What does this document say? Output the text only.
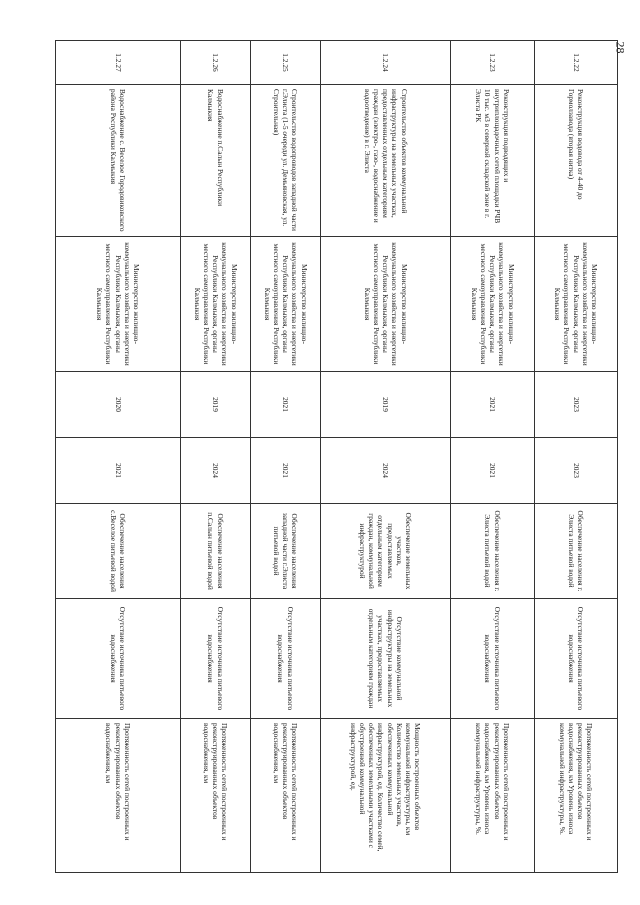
28
1.2.22	Реконструкция водовода от 4-40 до Гормолзавода (вторая нитка)	Министерство жилищно-коммунального хозяйства и энергетики Республики Калмыкия, органы местного самоуправления Республики Калмыкия	2023	2023	Обеспечение населения г. Элиста питьевой водой	Отсутствие источника питьевого водоснабжения	Протяженность сетей построенных и реконструированных объектов водоснабжения, км Уровень износа коммунальной инфраструктуры, %.
1.2.23	Реконструкция подводящих и внутриплощадочных сетей площадки РЧВ 10 тыс. м3 в северной складской зоне в г. Элиста РК	Министерство жилищно-коммунального хозяйства и энергетики Республики Калмыкия, органы местного самоуправления Республики Калмыкия	2021	2021	Обеспечение населения г. Элиста питьевой водой	Отсутствие источника питьевого водоснабжения	Протяженность сетей построенных и реконструированных объектов водоснабжения, км Уровень износа коммунальной инфраструктуры, %.
1.2.24	Строительство объектов коммунальной инфраструктуры на земельных участках, предоставленных отдельным категориям граждан (электро-, газо-, водоснабжение и водоотведение) в г. Элиста	Министерство жилищно-коммунального хозяйства и энергетики Республики Калмыкия, органы местного самоуправления Республики Калмыкия	2019	2024	Обеспечение земельных участков, предоставляемых отдельным категориям граждан, коммунальной инфраструктурой	Отсутствие коммунальной инфраструктуры на земельных участках, предоставляемых отдельным категориям граждан	Мощность построенных объектов коммунальной инфраструктуры, км Количество земельных участков, обеспеченных коммунальной инфраструктурой, ед. Количество семей, обеспеченных земельными участками с обустроенной коммунальной инфраструктурой, ед.
1.2.25	Строительство водопроводов западной части г.Элиста (1-5 очереди ул. Демьяновская, ул. Строительная)	Министерство жилищно-коммунального хозяйства и энергетики Республики Калмыкия, органы местного самоуправления Республики Калмыкия	2021	2021	Обеспечение населения западной части г.Элиста питьевой водой	Отсутствие источника питьевого водоснабжения	Протяженность сетей построенных и реконструированных объектов водоснабжения, км
1.2.26	Водоснабжение п.Салын Республики Калмыкия	Министерство жилищно-коммунального хозяйства и энергетики Республики Калмыкия, органы местного самоуправления Республики Калмыкия	2019	2024	Обеспечение населения п.Салын питьевой водой	Отсутствие источника питьевого водоснабжения	Протяженность сетей построенных и реконструированных объектов водоснабжения, км
1.2.27	Водоснабжение с. Веселое Городовиковского района Республики Калмыкия	Министерство жилищно-коммунального хозяйства и энергетики Республики Калмыкия, органы местного самоуправления Республики Калмыкия	2020	2021	Обеспечение населения с.Веселое питьевой водой	Отсутствие источника питьевого водоснабжения	Протяженность сетей построенных и реконструированных объектов водоснабжения, км
